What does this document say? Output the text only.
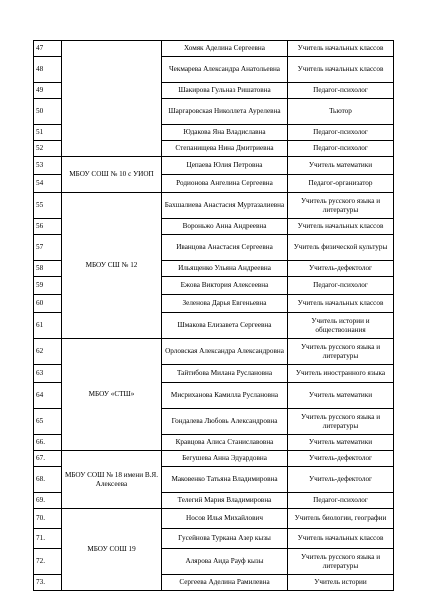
47		Хомяк Аделина Сергеевна	Учитель начальных классов
48		Чекмарева Александра Анатольевна	Учитель начальных классов
49		Шакирова Гульназ Ришатовна	Педагог-психолог
50		Шаргаровская Николлета Аурелевна	Тьютор
51		Юдакова Яна Владиславна	Педагог-психолог
52		Степанищева Нина Дмитриевна	Педагог-психолог
53	МБОУ СОШ № 10 с УИОП	Цепаева Юлия Петровна	Учитель математики
54		Родионова Ангелина Сергеевна	Педагог-организатор
55	МБОУ СШ № 12	Бахшалиева Анастасия Муртазалиевна	Учитель русского языка и литературы
56		Вороньжо Анна Андреевна	Учитель начальных классов
57		Иванцова Анастасия Сергеевна	Учитель физической культуры
58		Ильященко Ульяна Андреевна	Учитель-дефектолог
59		Ежова Виктория Алексеевна	Педагог-психолог
60		Зеленова Дарья Евгеньевна	Учитель начальных классов
61		Шмакова Елизавета Сергеевна	Учитель истории и обществознания
62	МБОУ «СТШ»	Орловская Александра Александровна	Учитель русского языка и литературы
63		Тайтибова Милана Руслановна	Учитель иностранного языка
64		Мисриханова Камилла Руслановна	Учитель математики
65		Гондалева Любовь Александровна	Учитель русского языка и литературы
66.		Кравцова Алиса Станиславовна	Учитель математики
67.	МБОУ СОШ № 18 имени В.Я. Алексеева	Бегушева Анна Эдуардовна	Учитель-дефектолог
68.		Маковенко Татьяна Владимировна	Учитель-дефектолог
69.		Телегий Мария Владимировна	Педагог-психолог
70.	МБОУ СОШ 19	Носов Илья Михайлович	Учитель биологии, географии
71.		Гусейнова Туркана Азер кызы	Учитель начальных классов
72.		Алярова Аида Рауф кызы	Учитель русского языка и литературы
73.		Сергеева Аделина Рамилевна	Учитель истории
